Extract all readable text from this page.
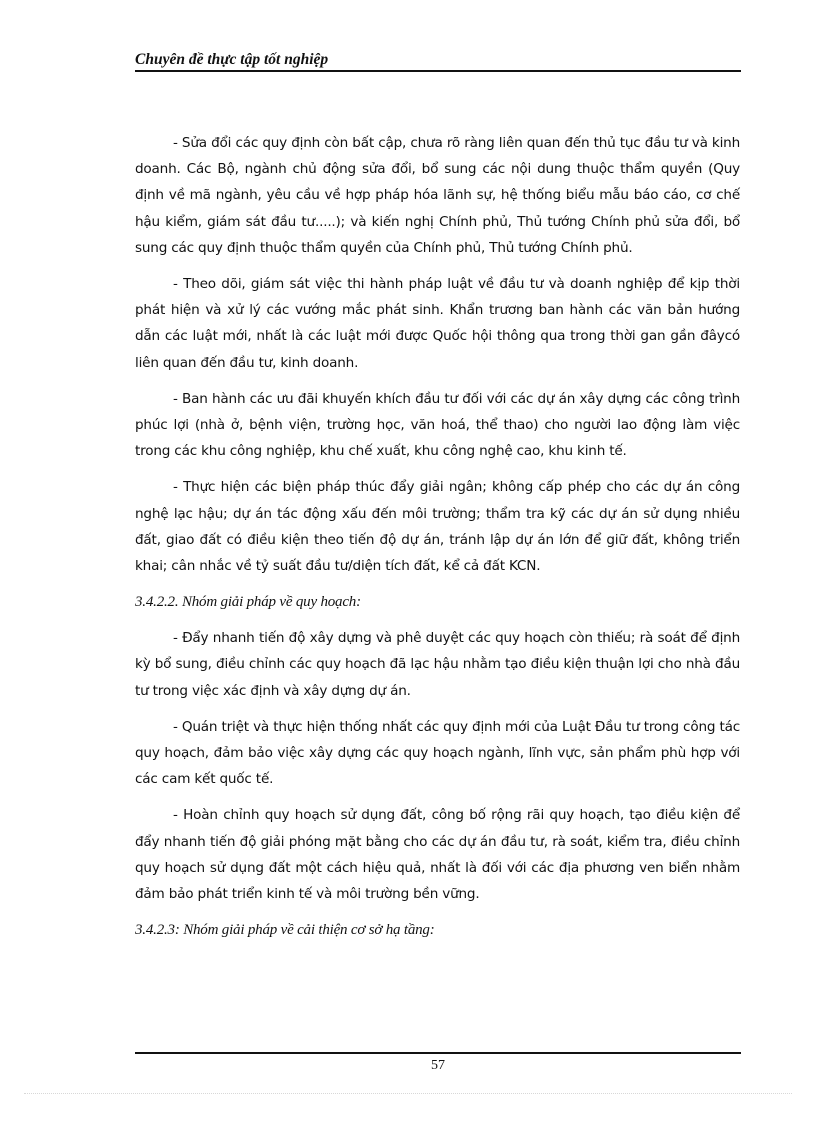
Chuyên đề thực tập tốt nghiệp

- Sửa đổi các quy định còn bất cập, chưa rõ ràng liên quan đến thủ tục đầu tư và kinh doanh. Các Bộ, ngành chủ động sửa đổi, bổ sung các nội dung thuộc thẩm quyền (Quy định về mã ngành, yêu cầu về hợp pháp hóa lãnh sự, hệ thống biểu mẫu báo cáo, cơ chế hậu kiểm, giám sát đầu tư.....); và kiến nghị Chính phủ, Thủ tướng Chính phủ sửa đổi, bổ sung các quy định thuộc thẩm quyền của Chính phủ, Thủ tướng Chính phủ.

- Theo dõi, giám sát việc thi hành pháp luật về đầu tư và doanh nghiệp để kịp thời phát hiện và xử lý các vướng mắc phát sinh. Khẩn trương ban hành các văn bản hướng dẫn các luật mới, nhất là các luật mới được Quốc hội thông qua trong thời gan gần đâycó liên quan đến đầu tư, kinh doanh.

- Ban hành các ưu đãi khuyến khích đầu tư đối với các dự án xây dựng các công trình phúc lợi (nhà ở, bệnh viện, trường học, văn hoá, thể thao) cho người lao động làm việc trong các khu công nghiệp, khu chế xuất, khu công nghệ cao, khu kinh tế.

- Thực hiện các biện pháp thúc đẩy giải ngân; không cấp phép cho các dự án công nghệ lạc hậu; dự án tác động xấu đến môi trường; thẩm tra kỹ các dự án sử dụng nhiều đất, giao đất có điều kiện theo tiến độ dự án, tránh lập dự án lớn để giữ đất, không triển khai; cân nhắc về tỷ suất đầu tư/diện tích đất, kể cả đất KCN.

3.4.2.2. Nhóm giải pháp về quy hoạch:

- Đẩy nhanh tiến độ xây dựng và phê duyệt các quy hoạch còn thiếu; rà soát để định kỳ bổ sung, điều chỉnh các quy hoạch đã lạc hậu nhằm tạo điều kiện thuận lợi cho nhà đầu tư trong việc xác định và xây dựng dự án.

- Quán triệt và thực hiện thống nhất các quy định mới của Luật Đầu tư trong công tác quy hoạch, đảm bảo việc xây dựng các quy hoạch ngành, lĩnh vực, sản phẩm phù hợp với các cam kết quốc tế.

- Hoàn chỉnh quy hoạch sử dụng đất, công bố rộng rãi quy hoạch, tạo điều kiện để đẩy nhanh tiến độ giải phóng mặt bằng cho các dự án đầu tư, rà soát, kiểm tra, điều chỉnh quy hoạch sử dụng đất một cách hiệu quả, nhất là đối với các địa phương ven biển nhằm đảm bảo phát triển kinh tế và môi trường bền vững.

3.4.2.3: Nhóm giải pháp về cải thiện cơ sở hạ tầng:

57
